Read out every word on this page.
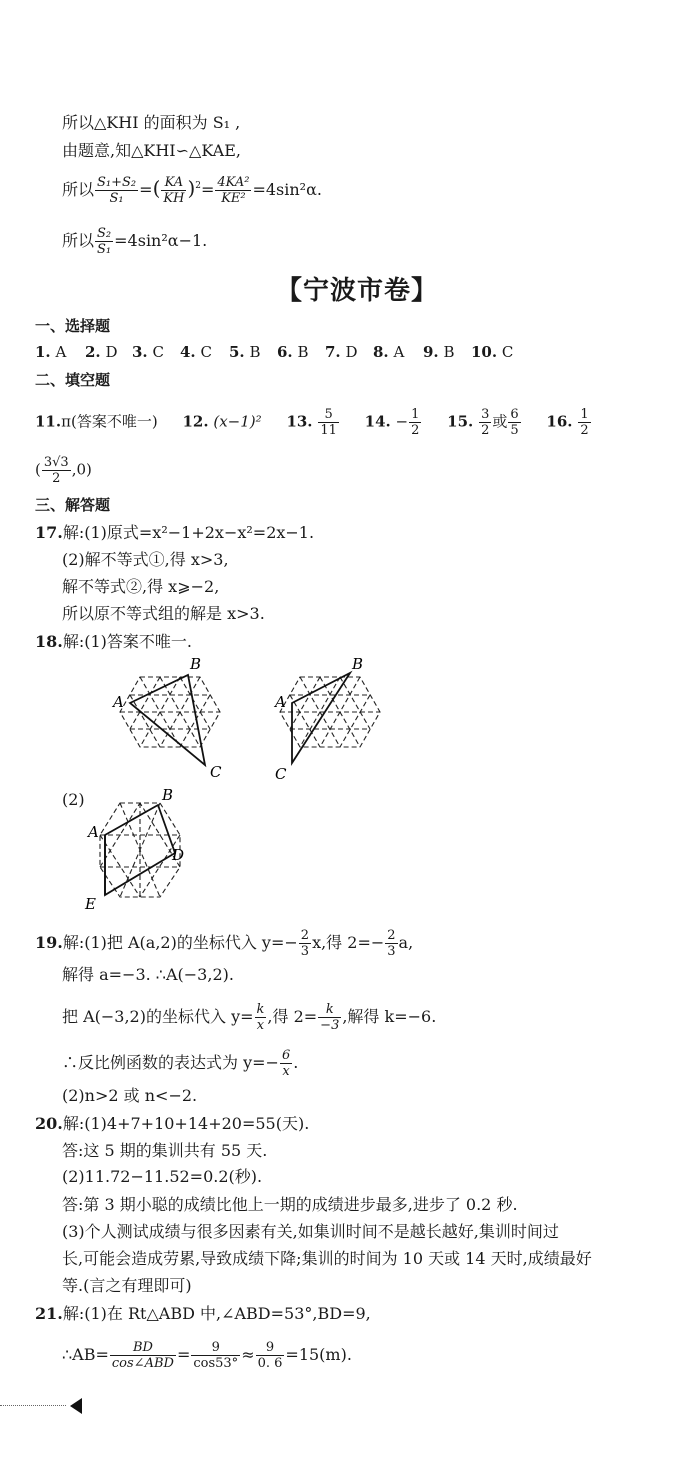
所以△KHI 的面积为 S₁ ,
由题意,知△KHI∽△KAE,
所以 $\frac{\text{S₁+S₂}}{\text{S₁}}$ =( $\frac{KA}{KH} )^2= \frac{\text{4KA²}}{\text{KE²}} =4\sin^2\alpha$.
所以 $\frac{\text{S₂}}{\text{S₁}} =4\sin^2\alpha-1$.
【宁波市卷】
一、选择题
1. A 2. D 3. C 4. C 5. B 6. B 7. D 8. A 9. B 10. C
二、填空题
11.π(答案不唯一) 12. (x−1)² 13. $\frac{5}{11} 14$. − $\frac{1}{2} 15$. $\frac{3}{2}$ 或 $\frac{6}{5} 16$. $\frac{1}{2}$
( $\frac{3√3}{2} ,0$)
三、解答题
17.解:(1)原式=x²−1+2x−x²=2x−1.
(2)解不等式①,得 x>3,
解不等式②,得 x⩾−2,
所以原不等式组的解是 x>3.
18.解:(1)答案不唯一.
A
B
C
A
B
C
(2)
A
B
D
E
19.解:(1)把 A(a,2)的坐标代入 $y=- \frac{2}{3} x$,得 $2=- \frac{2}{3} a$,
解得 a=−3. ∴A(−3,2).
把 A(−3,2)的坐标代入 $y= \frac{k}{x}$ ,得 $2= \frac{k}{-3}$ ,解得 k=−6.
∴反比例函数的表达式为 $y=- \frac{6}{x}$ .
(2)n>2 或 n<−2.
20.解:(1)4+7+10+14+20=55(天).
答:这 5 期的集训共有 55 天.
(2)11.72−11.52=0.2(秒).
答:第 3 期小聪的成绩比他上一期的成绩进步最多,进步了 0.2 秒.
(3)个人测试成绩与很多因素有关,如集训时间不是越长越好,集训时间过
长,可能会造成劳累,导致成绩下降;集训的时间为 10 天或 14 天时,成绩最好
等.(言之有理即可)
21.解:(1)在 Rt△ABD 中,∠ABD=53°,BD=9,
∴AB= $\frac{BD}{\text{cos∠ABD}} = \frac{9}{\cos 53^\circ} \approx \frac{9}{0. 6} =15(m)$.
